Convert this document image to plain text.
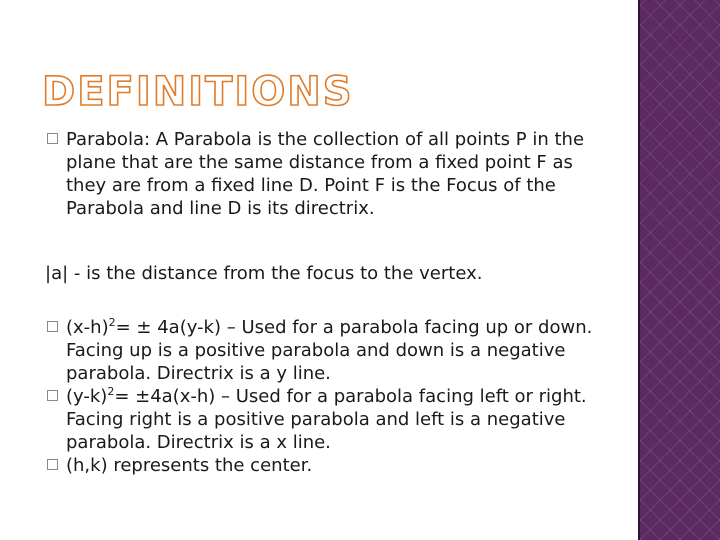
DEFINITIONS

Parabola: A Parabola is the collection of all points P in the plane that are the same distance from a fixed point F as they are from a fixed line D. Point F is the Focus of the Parabola and line D is its directrix.

|a| - is the distance from the focus to the vertex.

$(x-h)^2= \pm 4a(y-k)$ – Used for a parabola facing up or down. Facing up is a positive parabola and down is a negative parabola. Directrix is a y line.

$(y-k)^2= \pm 4a(x-h)$ – Used for a parabola facing left or right. Facing right is a positive parabola and left is a negative parabola. Directrix is a x line.

(h,k) represents the center.
